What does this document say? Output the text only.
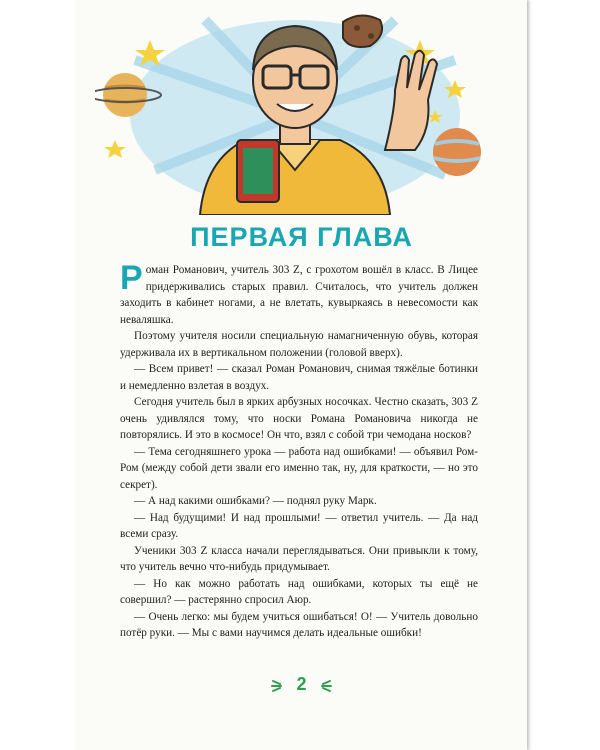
ПЕРВАЯ ГЛАВА

Роман Романович, учитель 303 Z, с грохотом вошёл в класс. В Лицее придерживались старых правил. Считалось, что учитель должен заходить в кабинет ногами, а не влетать, кувыркаясь в невесомости как неваляшка.

Поэтому учителя носили специальную намагниченную обувь, которая удерживала их в вертикальном положении (головой вверх).

— Всем привет! — сказал Роман Романович, снимая тяжёлые ботинки и немедленно взлетая в воздух.

Сегодня учитель был в ярких арбузных носочках. Честно сказать, 303 Z очень удивлялся тому, что носки Романа Романовича никогда не повторялись. И это в космосе! Он что, взял с собой три чемодана носков?

— Тема сегодняшнего урока — работа над ошибками! — объявил Ром-Ром (между собой дети звали его именно так, ну, для краткости, — но это секрет).

— А над какими ошибками? — поднял руку Марк.

— Над будущими! И над прошлыми! — ответил учитель. — Да над всеми сразу.

Ученики 303 Z класса начали переглядываться. Они привыкли к тому, что учитель вечно что-нибудь придумывает.

— Но как можно работать над ошибками, которых ты ещё не совершил? — растерянно спросил Аюр.

— Очень легко: мы будем учиться ошибаться! О! — Учитель довольно потёр руки. — Мы с вами научимся делать идеальные ошибки!

2
